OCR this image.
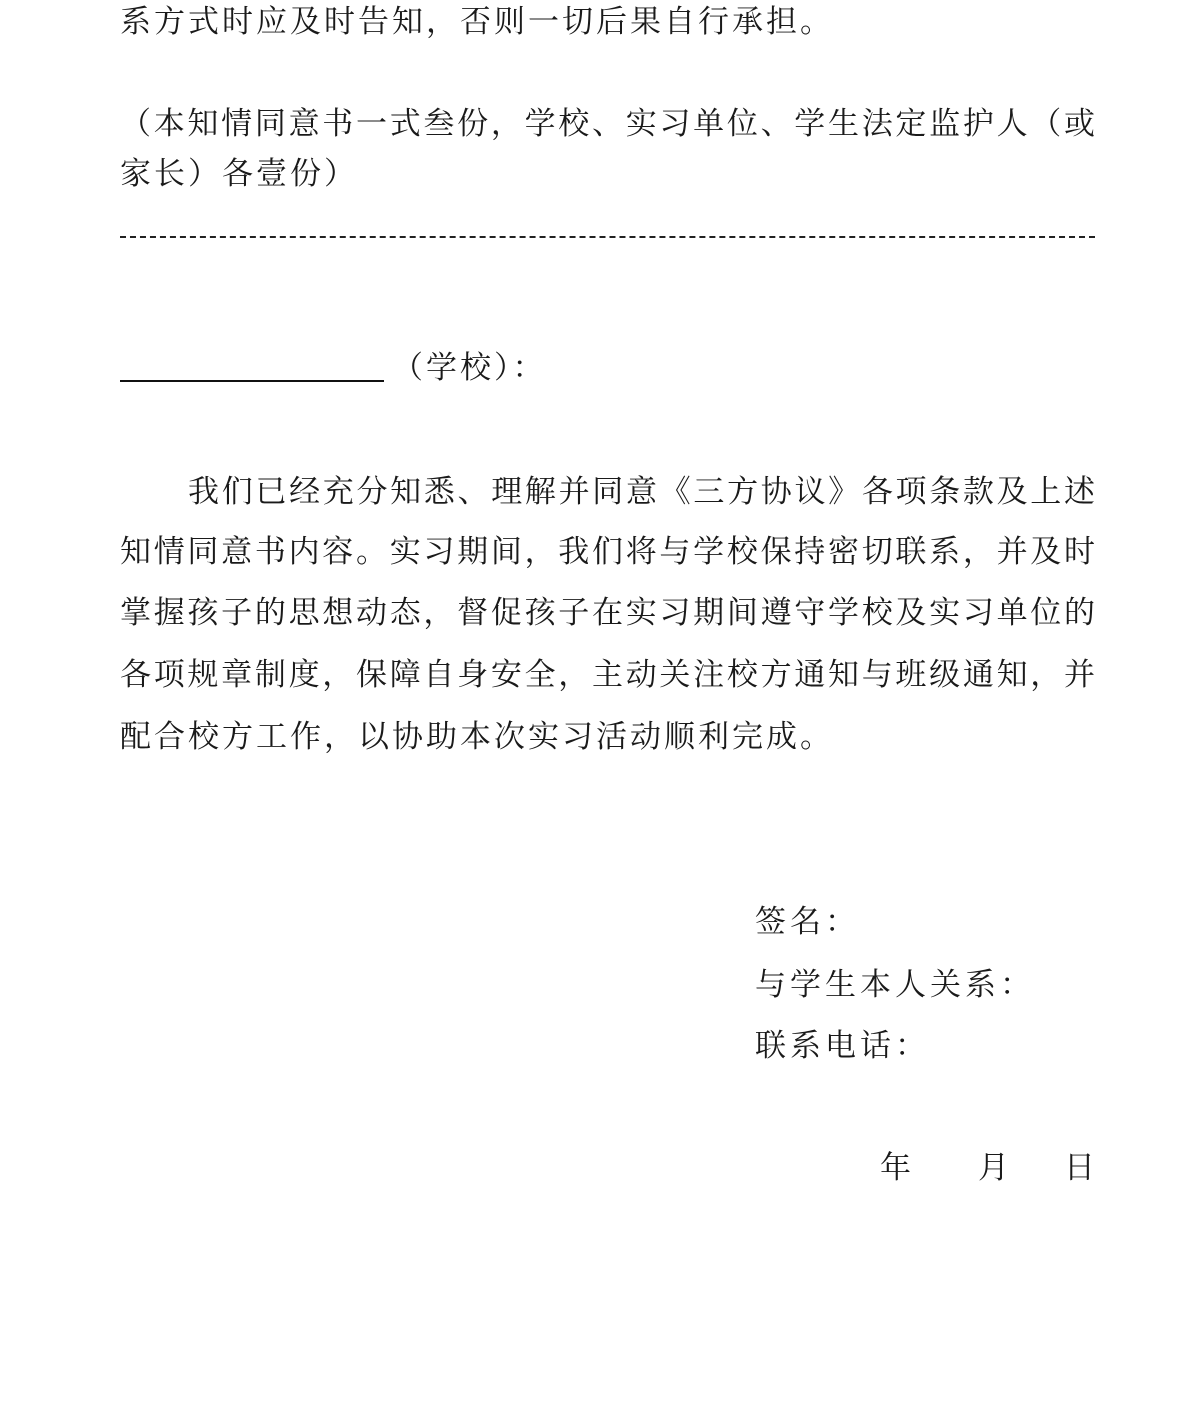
系方式时应及时告知，否则一切后果自行承担。
（本知情同意书一式叁份，学校、实习单位、学生法定监护人（或
家长）各壹份）
（学校）：
我们已经充分知悉、理解并同意《三方协议》各项条款及上述
知情同意书内容。实习期间，我们将与学校保持密切联系，并及时
掌握孩子的思想动态，督促孩子在实习期间遵守学校及实习单位的
各项规章制度，保障自身安全，主动关注校方通知与班级通知，并
配合校方工作，以协助本次实习活动顺利完成。
签名：
与学生本人关系：
联系电话：
年 月 日
